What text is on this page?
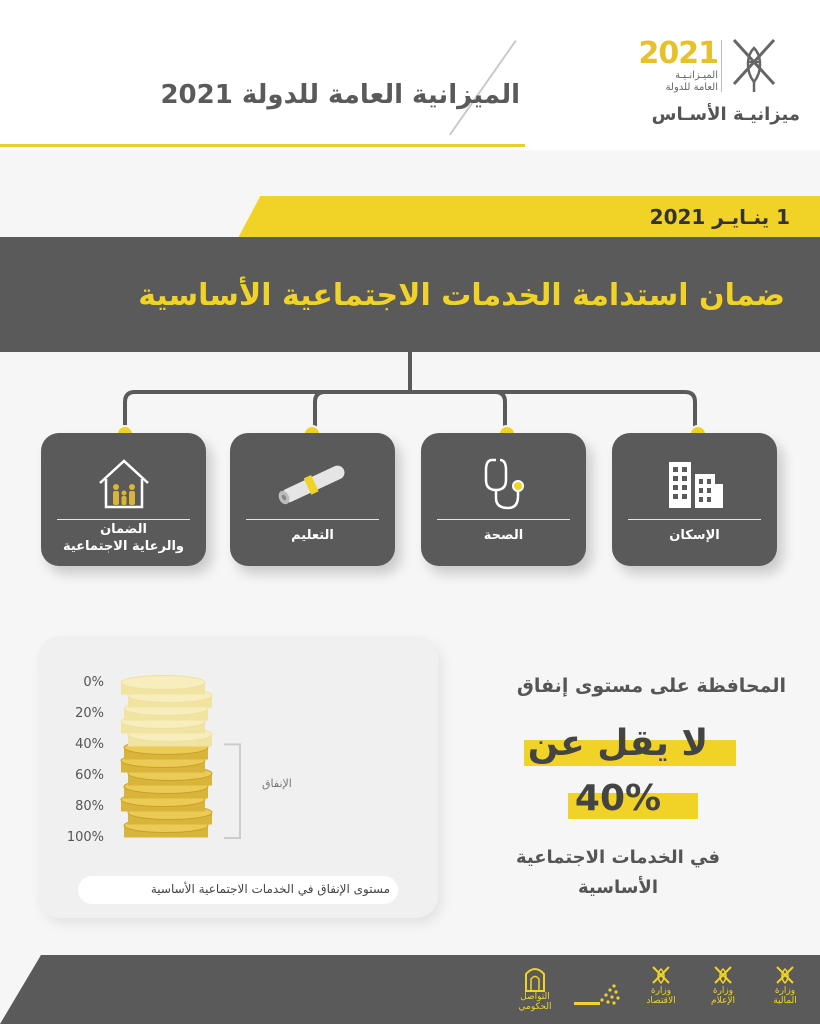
الميزانية العامة للدولة 2021
2021
الميـزانـيـة
العامة للدولة
ميزانيـة الأسـاس
1 ينـايـر 2021
ضمان استدامة الخدمات الاجتماعية الأساسية
الإسكان
الصحة
التعليم
الضمان
والرعاية الاجتماعية
0%
20%
40%
60%
80%
100%
الإنفاق
مستوى الإنفاق في الخدمات الاجتماعية الأساسية
المحافظة على مستوى إنفاق
لا يقل عن
40%
في الخدمات الاجتماعية
الأساسية
وزارة
المالية
وزارة
الإعلام
وزارة
الاقتصاد
التواصل
الحكومي
